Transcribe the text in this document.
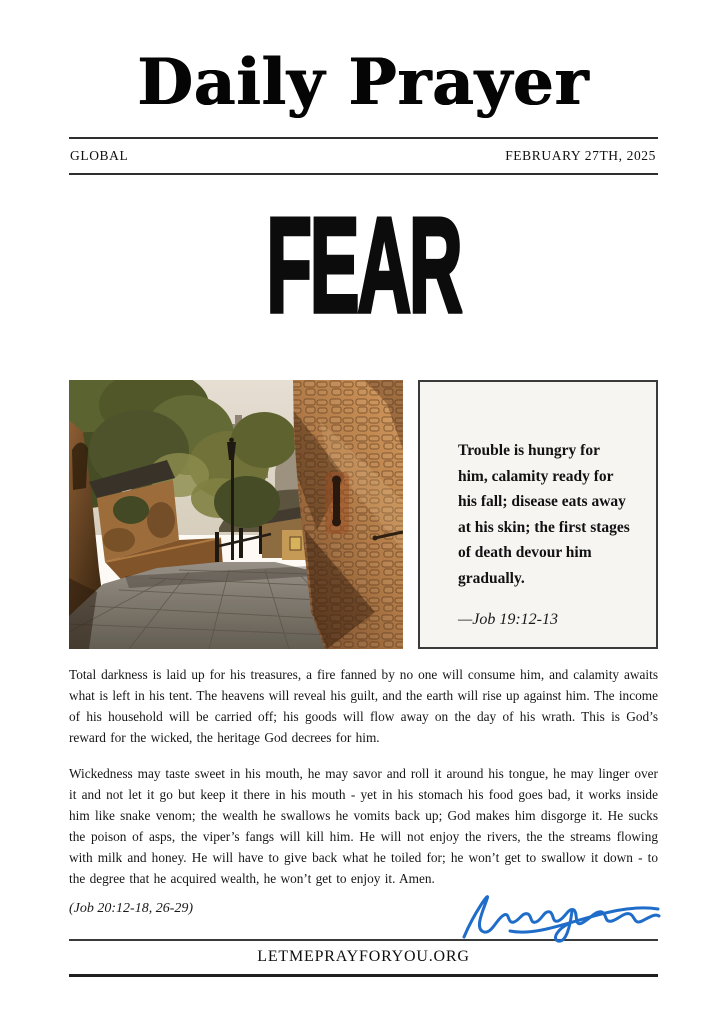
Daily Prayer
GLOBAL	FEBRUARY 27TH, 2025
FEAR

Trouble is hungry for him, calamity ready for his fall; disease eats away at his skin; the first stages of death devour him gradually.

—Job 19:12-13

Total darkness is laid up for his treasures, a fire fanned by no one will consume him, and calamity awaits what is left in his tent. The heavens will reveal his guilt, and the earth will rise up against him. The income of his household will be carried off; his goods will flow away on the day of his wrath. This is God’s reward for the wicked, the heritage God decrees for him.

Wickedness may taste sweet in his mouth, he may savor and roll it around his tongue, he may linger over it and not let it go but keep it there in his mouth - yet in his stomach his food goes bad, it works inside him like snake venom; the wealth he swallows he vomits back up; God makes him disgorge it. He sucks the poison of asps, the viper’s fangs will kill him. He will not enjoy the rivers, the the streams flowing with milk and honey. He will have to give back what he toiled for; he won’t get to swallow it down - to the degree that he acquired wealth, he won’t get to enjoy it. Amen.

(Job 20:12-18, 26-29)

LETMEPRAYFORYOU.ORG
